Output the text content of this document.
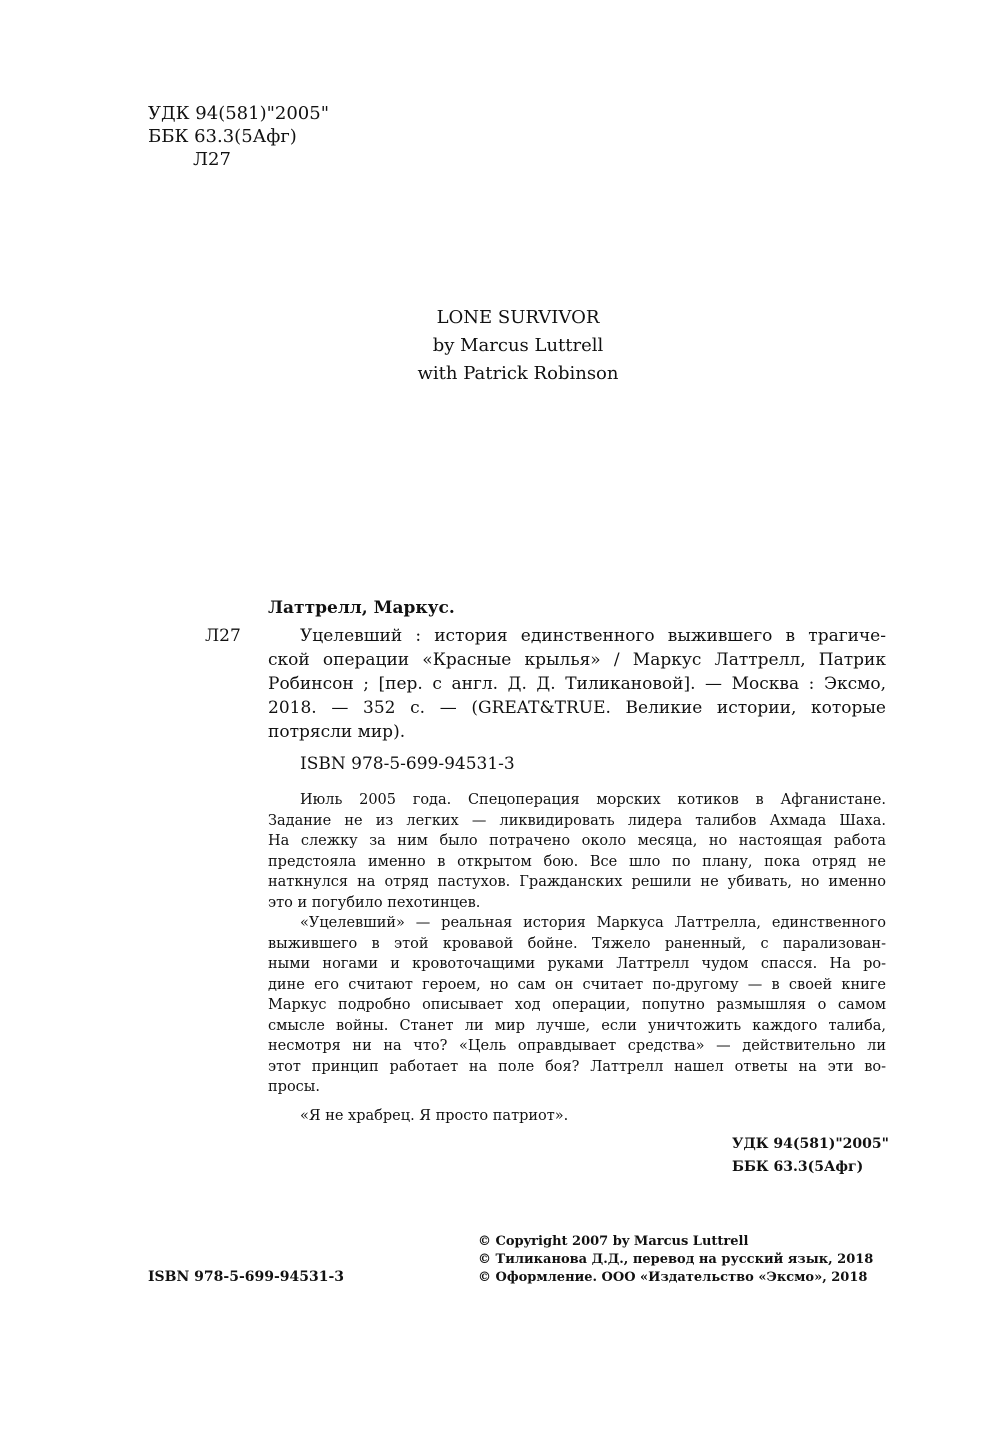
УДК 94(581)"2005"
ББК 63.3(5Афг)
Л27
LONE SURVIVOR
by Marcus Luttrell
with Patrick Robinson
Латтрелл, Маркус.
Л27	Уцелевший : история единственного выжившего в трагиче-
ской операции «Красные крылья» / Маркус Латтрелл, Патрик
Робинсон ; [пер. с англ. Д. Д. Тиликановой]. — Москва : Эксмо,
2018. — 352 с. — (GREAT&TRUE. Великие истории, которые
потрясли мир).
ISBN 978-5-699-94531-3
Июль 2005 года. Спецоперация морских котиков в Афганистане.
Задание не из легких — ликвидировать лидера талибов Ахмада Шаха.
На слежку за ним было потрачено около месяца, но настоящая работа
предстояла именно в открытом бою. Все шло по плану, пока отряд не
наткнулся на отряд пастухов. Гражданских решили не убивать, но именно
это и погубило пехотинцев.
«Уцелевший» — реальная история Маркуса Латтрелла, единственного
выжившего в этой кровавой бойне. Тяжело раненный, с парализован-
ными ногами и кровоточащими руками Латтрелл чудом спасся. На ро-
дине его считают героем, но сам он считает по-другому — в своей книге
Маркус подробно описывает ход операции, попутно размышляя о самом
смысле войны. Станет ли мир лучше, если уничтожить каждого талиба,
несмотря ни на что? «Цель оправдывает средства» — действительно ли
этот принцип работает на поле боя? Латтрелл нашел ответы на эти во-
просы.
«Я не храбрец. Я просто патриот».
УДК 94(581)"2005"
ББК 63.3(5Афг)
ISBN 978-5-699-94531-3
© Copyright 2007 by Marcus Luttrell
© Тиликанова Д.Д., перевод на русский язык, 2018
© Оформление. ООО «Издательство «Эксмо», 2018
